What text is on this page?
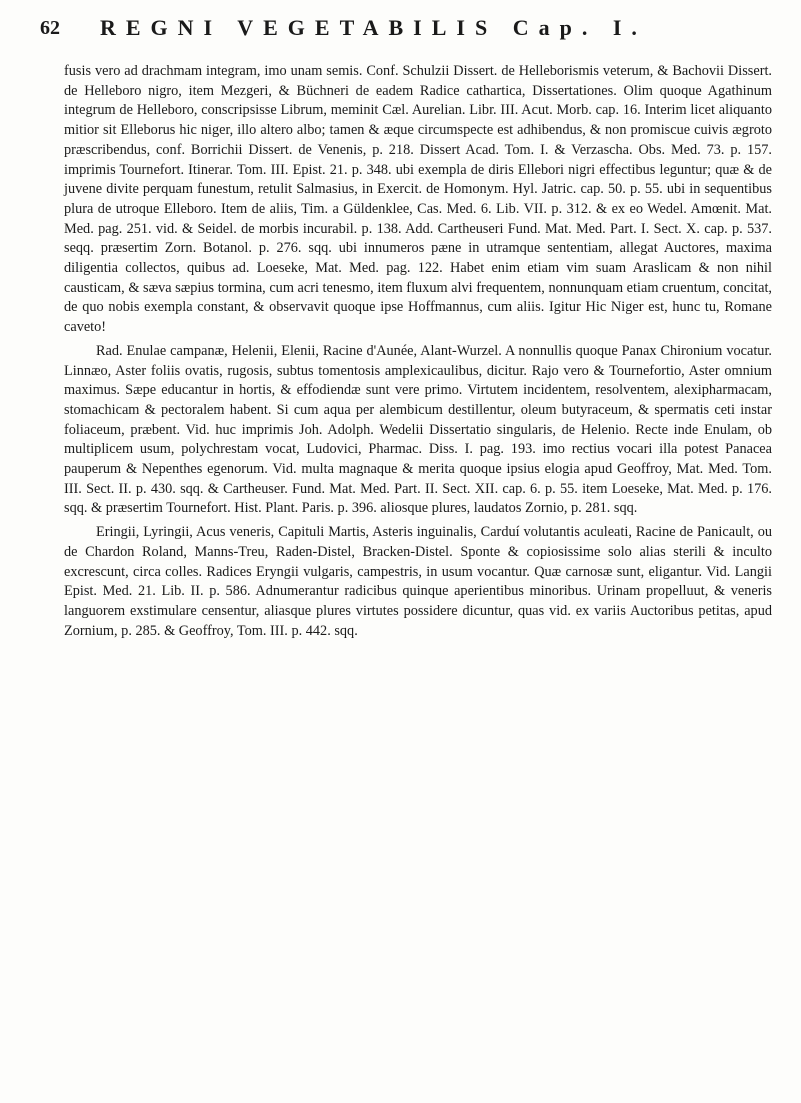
62	REGNI VEGETABILIS Cap. I.

fusis vero ad drachmam integram, imo unam semis. Conf. Schulzii Dissert. de Helleborismis veterum, & Bachovii Dissert. de Helleboro nigro, item Mezgeri, & Büchneri de eadem Radice cathartica, Dissertationes. Olim quoque Agathinum integrum de Helleboro, conscripsisse Librum, meminit Cæl. Aurelian. Libr. III. Acut. Morb. cap. 16. Interim licet aliquanto mitior sit Elleborus hic niger, illo altero albo; tamen & æque circumspecte est adhibendus, & non promiscue cuivis ægroto præscribendus, conf. Borrichii Dissert. de Venenis, p. 218. Dissert Acad. Tom. I. & Verzascha. Obs. Med. 73. p. 157. imprimis Tournefort. Itinerar. Tom. III. Epist. 21. p. 348. ubi exempla de diris Ellebori nigri effectibus leguntur; quæ & de juvene divite perquam funestum, retulit Salmasius, in Exercit. de Homonym. Hyl. Jatric. cap. 50. p. 55. ubi in sequentibus plura de utroque Elleboro. Item de aliis, Tim. a Güldenklee, Cas. Med. 6. Lib. VII. p. 312. & ex eo Wedel. Amœnit. Mat. Med. pag. 251. vid. & Seidel. de morbis incurabil. p. 138. Add. Cartheuseri Fund. Mat. Med. Part. I. Sect. X. cap. p. 537. seqq. præsertim Zorn. Botanol. p. 276. sqq. ubi innumeros pæne in utramque sententiam, allegat Auctores, maxima diligentia collectos, quibus ad. Loeseke, Mat. Med. pag. 122. Habet enim etiam vim suam Araslicam & non nihil causticam, & sæva sæpius tormina, cum acri tenesmo, item fluxum alvi frequentem, nonnunquam etiam cruentum, concitat, de quo nobis exempla constant, & observavit quoque ipse Hoffmannus, cum aliis. Igitur Hic Niger est, hunc tu, Romane caveto!

Rad. Enulae campanæ, Helenii, Elenii, Racine d'Aunée, Alant-Wurzel. A nonnullis quoque Panax Chironium vocatur. Linnæo, Aster foliis ovatis, rugosis, subtus tomentosis amplexicaulibus, dicitur. Rajo vero & Tournefortio, Aster omnium maximus. Sæpe educantur in hortis, & effodiendæ sunt vere primo. Virtutem incidentem, resolventem, alexipharmacam, stomachicam & pectoralem habent. Si cum aqua per alembicum destillentur, oleum butyraceum, & spermatis ceti instar foliaceum, præbent. Vid. huc imprimis Joh. Adolph. Wedelii Dissertatio singularis, de Helenio. Recte inde Enulam, ob multiplicem usum, polychrestam vocat, Ludovici, Pharmac. Diss. I. pag. 193. imo rectius vocari illa potest Panacea pauperum & Nepenthes egenorum. Vid. multa magnaque & merita quoque ipsius elogia apud Geoffroy, Mat. Med. Tom. III. Sect. II. p. 430. sqq. & Cartheuser. Fund. Mat. Med. Part. II. Sect. XII. cap. 6. p. 55. item Loeseke, Mat. Med. p. 176. sqq. & præsertim Tournefort. Hist. Plant. Paris. p. 396. aliosque plures, laudatos Zornio, p. 281. sqq.

Eringii, Lyringii, Acus veneris, Capituli Martis, Asteris inguinalis, Carduí volutantis aculeati, Racine de Panicault, ou de Chardon Roland, Manns-Treu, Raden-Distel, Bracken-Distel. Sponte & copiosissime solo alias sterili & inculto excrescunt, circa colles. Radices Eryngii vulgaris, campestris, in usum vocantur. Quæ carnosæ sunt, eligantur. Vid. Langii Epist. Med. 21. Lib. II. p. 586. Adnumerantur radicibus quinque aperientibus minoribus. Urinam propelluut, & veneris languorem exstimulare censentur, aliasque plures virtutes possidere dicuntur, quas vid. ex variis Auctoribus petitas, apud Zornium, p. 285. & Geoffroy, Tom. III. p. 442. sqq.
